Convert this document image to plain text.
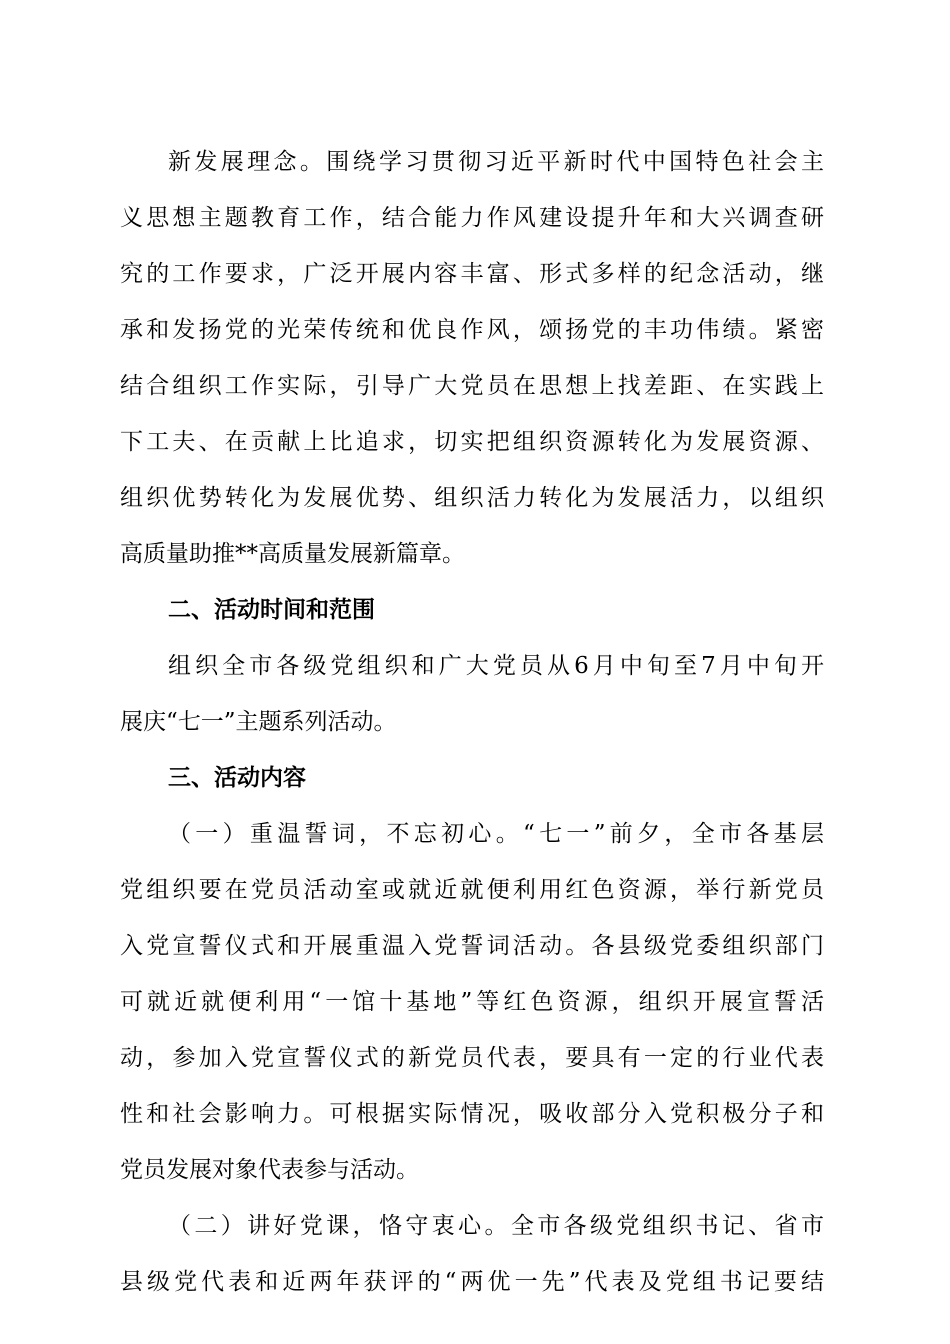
新发展理念。围绕学习贯彻习近平新时代中国特色社会主
义思想主题教育工作，结合能力作风建设提升年和大兴调查研
究的工作要求，广泛开展内容丰富、形式多样的纪念活动，继
承和发扬党的光荣传统和优良作风，颂扬党的丰功伟绩。紧密
结合组织工作实际，引导广大党员在思想上找差距、在实践上
下工夫、在贡献上比追求，切实把组织资源转化为发展资源、
组织优势转化为发展优势、组织活力转化为发展活力，以组织
高质量助推**高质量发展新篇章。
二、活动时间和范围
组织全市各级党组织和广大党员从6月中旬至7月中旬开
展庆“七一”主题系列活动。
三、活动内容
（一）重温誓词，不忘初心。“七一”前夕，全市各基层
党组织要在党员活动室或就近就便利用红色资源，举行新党员
入党宣誓仪式和开展重温入党誓词活动。各县级党委组织部门
可就近就便利用“一馆十基地”等红色资源，组织开展宣誓活
动，参加入党宣誓仪式的新党员代表，要具有一定的行业代表
性和社会影响力。可根据实际情况，吸收部分入党积极分子和
党员发展对象代表参与活动。
（二）讲好党课，恪守衷心。全市各级党组织书记、省市
县级党代表和近两年获评的“两优一先”代表及党组书记要结
